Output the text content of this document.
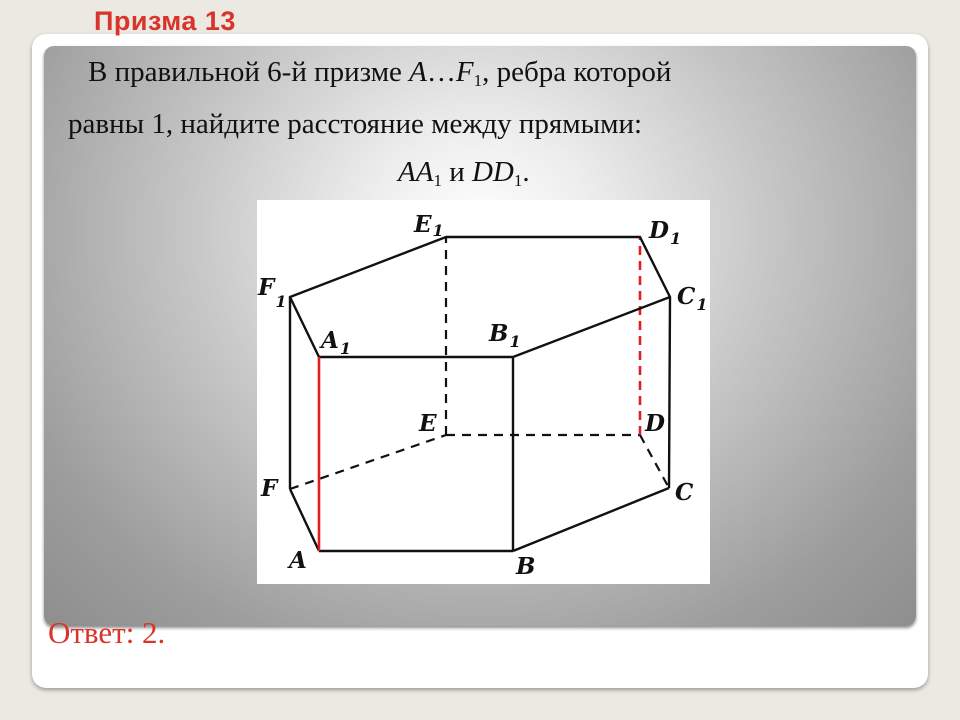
Призма 13
В правильной 6-й призме $A\dots F_1$, ребра которой
равны 1, найдите расстояние между прямыми:
$AA_1$ и $DD_1$.
E1	$D_1$
$F_1$	$C_1$
$A_1$
$B_1$
E	D
F	C
A	B
Ответ: 2.
